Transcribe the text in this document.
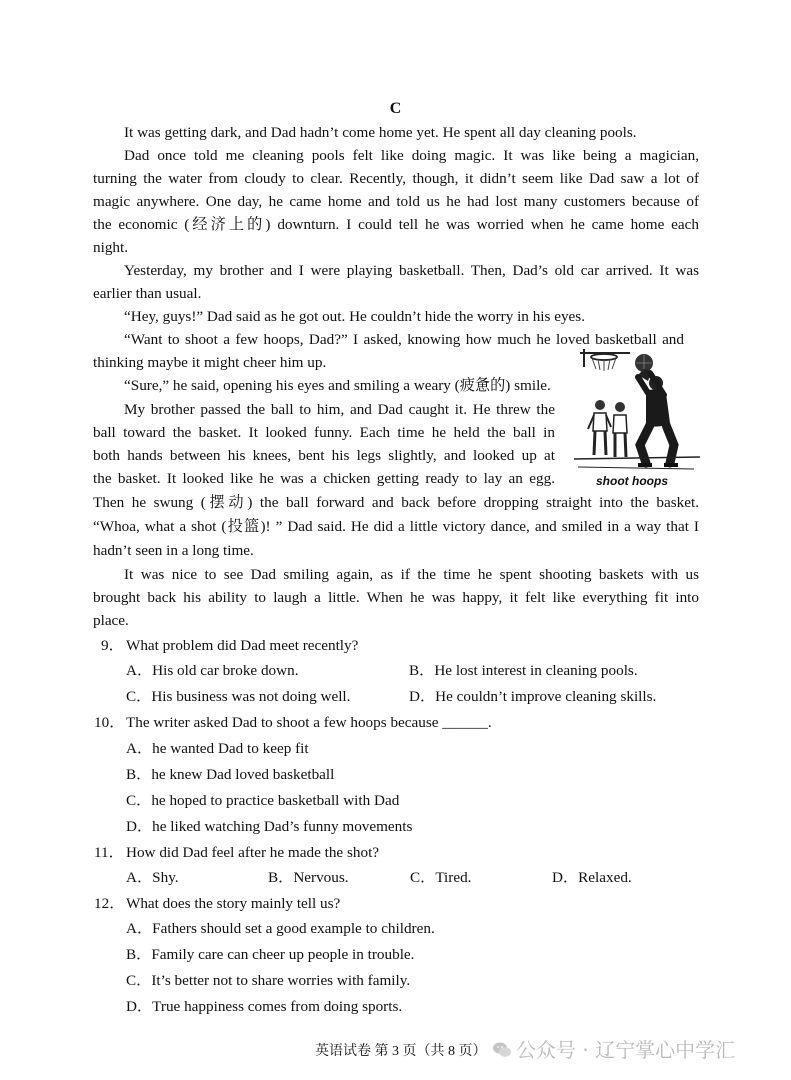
C
It was getting dark, and Dad hadn’t come home yet. He spent all day cleaning pools.
Dad once told me cleaning pools felt like doing magic. It was like being a magician,
turning the water from cloudy to clear. Recently, though, it didn’t seem like Dad saw a lot of
magic anywhere. One day, he came home and told us he had lost many customers because of
the economic (经济上的) downturn. I could tell he was worried when he came home each
night.
Yesterday, my brother and I were playing basketball. Then, Dad’s old car arrived. It was
earlier than usual.
“Hey, guys!” Dad said as he got out. He couldn’t hide the worry in his eyes.
“Want to shoot a few hoops, Dad?” I asked, knowing how much he loved basketball and
thinking maybe it might cheer him up.
“Sure,” he said, opening his eyes and smiling a weary (疲惫的) smile.
My brother passed the ball to him, and Dad caught it. He threw the
ball toward the basket. It looked funny. Each time he held the ball in
both hands between his knees, bent his legs slightly, and looked up at
the basket. It looked like he was a chicken getting ready to lay an egg.
Then he swung (摆动) the ball forward and back before dropping straight into the basket.
“Whoa, what a shot (投篮)! ” Dad said. He did a little victory dance, and smiled in a way that I
hadn’t seen in a long time.
It was nice to see Dad smiling again, as if the time he spent shooting baskets with us
brought back his ability to laugh a little. When he was happy, it felt like everything fit into
place.
shoot hoops
9． What problem did Dad meet recently?
A．His old car broke down.	B．He lost interest in cleaning pools.
C．His business was not doing well.	D．He couldn’t improve cleaning skills.
10． The writer asked Dad to shoot a few hoops because ______.
A．he wanted Dad to keep fit
B．he knew Dad loved basketball
C．he hoped to practice basketball with Dad
D．he liked watching Dad’s funny movements
11． How did Dad feel after he made the shot?
A．Shy.	B．Nervous.	C．Tired.	D．Relaxed.
12． What does the story mainly tell us?
A．Fathers should set a good example to children.
B．Family care can cheer up people in trouble.
C．It’s better not to share worries with family.
D．True happiness comes from doing sports.
英语试卷 第 3 页（共 8 页）	公众号 · 辽宁掌心中学汇
